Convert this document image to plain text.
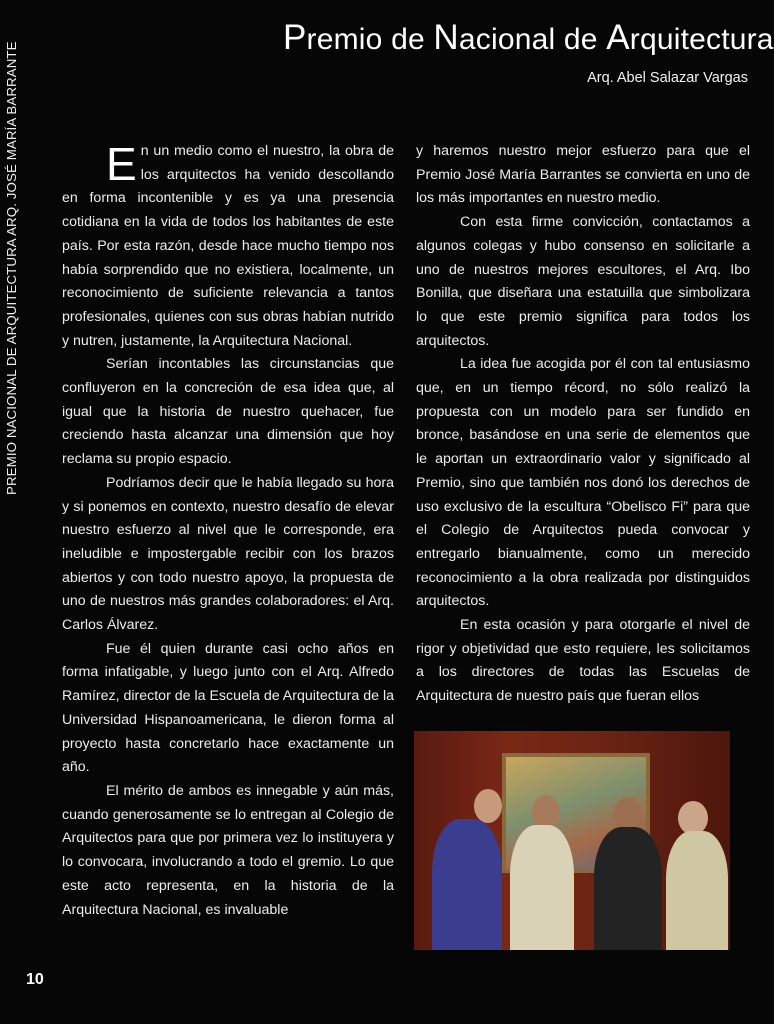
PREMIO NACIONAL DE ARQUITECTURA ARQ. JOSÉ MARÍA BARRANTE
Premio de Nacional de Arquitectura
Arq. Abel Salazar Vargas

En un medio como el nuestro, la obra de los arquitectos ha venido descollando en forma incontenible y es ya una presencia cotidiana en la vida de todos los habitantes de este país. Por esta razón, desde hace mucho tiempo nos había sorprendido que no existiera, localmente, un reconocimiento de suficiente relevancia a tantos profesionales, quienes con sus obras habían nutrido y nutren, justamente, la Arquitectura Nacional.

Serían incontables las circunstancias que confluyeron en la concreción de esa idea que, al igual que la historia de nuestro quehacer, fue creciendo hasta alcanzar una dimensión que hoy reclama su propio espacio.

Podríamos decir que le había llegado su hora y si ponemos en contexto, nuestro desafío de elevar nuestro esfuerzo al nivel que le corresponde, era ineludible e impostergable recibir con los brazos abiertos y con todo nuestro apoyo, la propuesta de uno de nuestros más grandes colaboradores: el Arq. Carlos Álvarez.

Fue él quien durante casi ocho años en forma infatigable, y luego junto con el Arq. Alfredo Ramírez, director de la Escuela de Arquitectura de la Universidad Hispanoamericana, le dieron forma al proyecto hasta concretarlo hace exactamente un año.

El mérito de ambos es innegable y aún más, cuando generosamente se lo entregan al Colegio de Arquitectos para que por primera vez lo instituyera y lo convocara, involucrando a todo el gremio. Lo que este acto representa, en la historia de la Arquitectura Nacional, es invaluable

y haremos nuestro mejor esfuerzo para que el Premio José María Barrantes se convierta en uno de los más importantes en nuestro medio.

Con esta firme convicción, contactamos a algunos colegas y hubo consenso en solicitarle a uno de nuestros mejores escultores, el Arq. Ibo Bonilla, que diseñara una estatuilla que simbolizara lo que este premio significa para todos los arquitectos.

La idea fue acogida por él con tal entusiasmo que, en un tiempo récord, no sólo realizó la propuesta con un modelo para ser fundido en bronce, basándose en una serie de elementos que le aportan un extraordinario valor y significado al Premio, sino que también nos donó los derechos de uso exclusivo de la escultura “Obelisco Fi” para que el Colegio de Arquitectos pueda convocar y entregarlo bianualmente, como un merecido reconocimiento a la obra realizada por distinguidos arquitectos.

En esta ocasión y para otorgarle el nivel de rigor y objetividad que esto requiere, les solicitamos a los directores de todas las Escuelas de Arquitectura de nuestro país que fueran ellos

10
